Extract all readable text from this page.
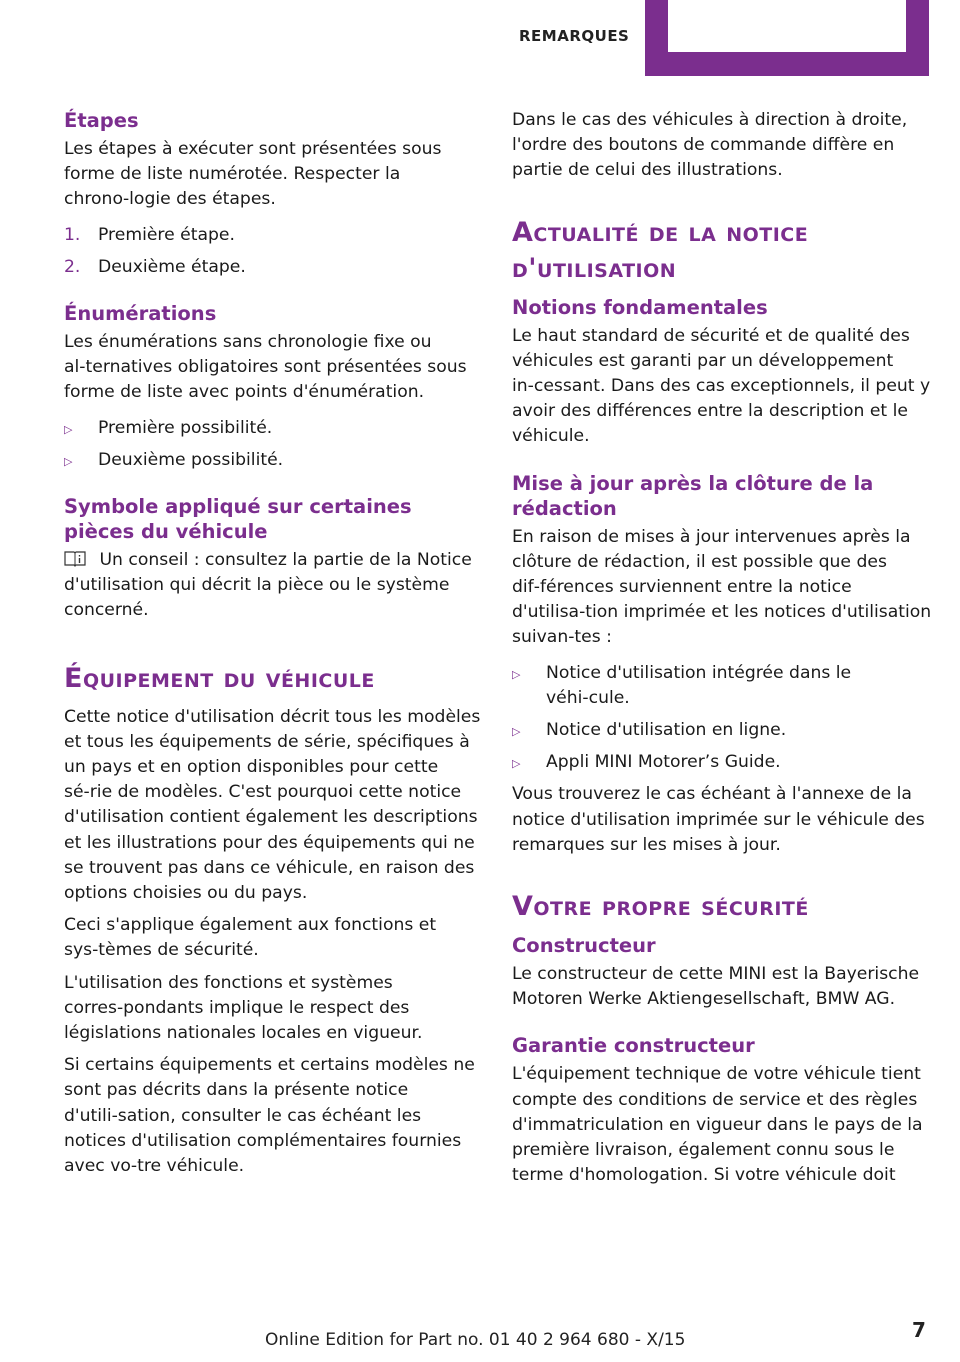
REMARQUES
Étapes
Les étapes à exécuter sont présentées sous forme de liste numérotée. Respecter la chrono‑logie des étapes.
1. Première étape.
2. Deuxième étape.
Énumérations
Les énumérations sans chronologie fixe ou al‑ternatives obligatoires sont présentées sous forme de liste avec points d'énumération.
▷ Première possibilité.
▷ Deuxième possibilité.
Symbole appliqué sur certaines pièces du véhicule
Un conseil : consultez la partie de la Notice d'utilisation qui décrit la pièce ou le système concerné.
Équipement du véhicule
Cette notice d'utilisation décrit tous les modèles et tous les équipements de série, spécifiques à un pays et en option disponibles pour cette sé‑rie de modèles. C'est pourquoi cette notice d'utilisation contient également les descriptions et les illustrations pour des équipements qui ne se trouvent pas dans ce véhicule, en raison des options choisies ou du pays.
Ceci s'applique également aux fonctions et sys‑tèmes de sécurité.
L'utilisation des fonctions et systèmes corres‑pondants implique le respect des législations nationales locales en vigueur.
Si certains équipements et certains modèles ne sont pas décrits dans la présente notice d'utili‑sation, consulter le cas échéant les notices d'utilisation complémentaires fournies avec vo‑tre véhicule.
Dans le cas des véhicules à direction à droite, l'ordre des boutons de commande diffère en partie de celui des illustrations.
Actualité de la notice d'utilisation
Notions fondamentales
Le haut standard de sécurité et de qualité des véhicules est garanti par un développement in‑cessant. Dans des cas exceptionnels, il peut y avoir des différences entre la description et le véhicule.
Mise à jour après la clôture de la rédaction
En raison de mises à jour intervenues après la clôture de rédaction, il est possible que des dif‑férences surviennent entre la notice d'utilisa‑tion imprimée et les notices d'utilisation suivan‑tes :
▷ Notice d'utilisation intégrée dans le véhi‑cule.
▷ Notice d'utilisation en ligne.
▷ Appli MINI Motorer’s Guide.
Vous trouverez le cas échéant à l'annexe de la notice d'utilisation imprimée sur le véhicule des remarques sur les mises à jour.
Votre propre sécurité
Constructeur
Le constructeur de cette MINI est la Bayerische Motoren Werke Aktiengesellschaft, BMW AG.
Garantie constructeur
L'équipement technique de votre véhicule tient compte des conditions de service et des règles d'immatriculation en vigueur dans le pays de la première livraison, également connu sous le terme d'homologation. Si votre véhicule doit
Online Edition for Part no. 01 40 2 964 680 - X/15	7
